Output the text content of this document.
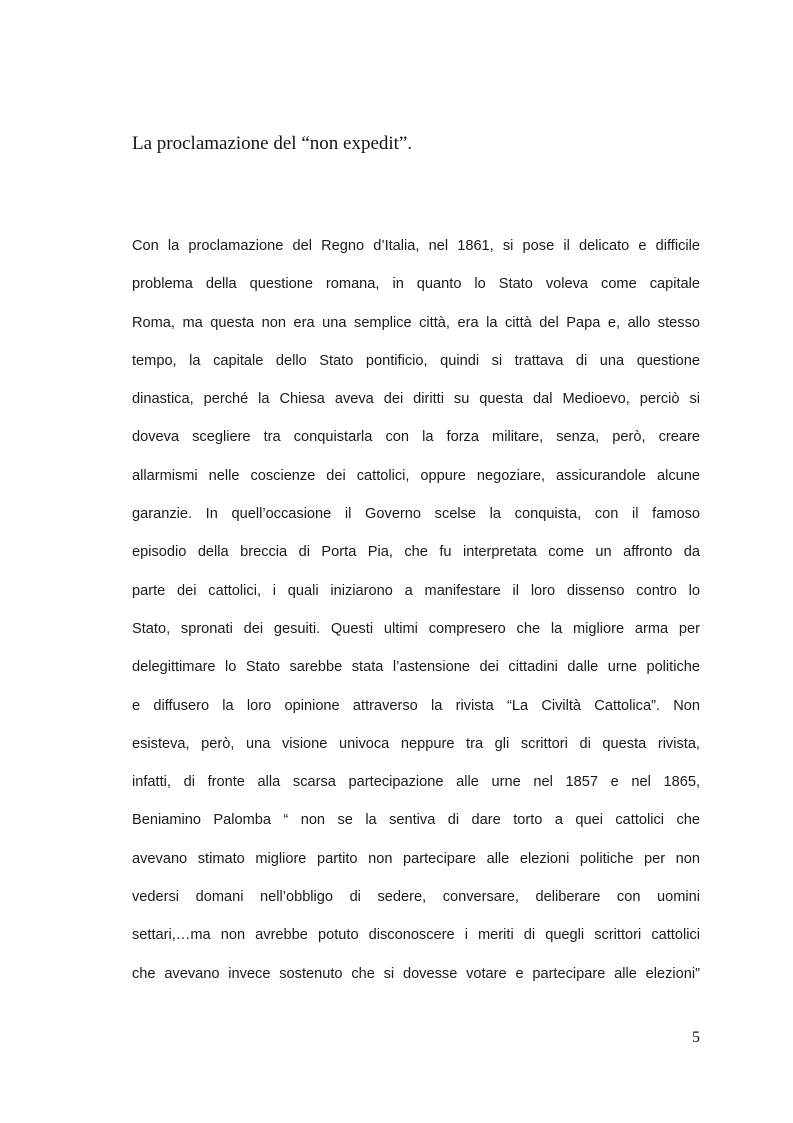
La proclamazione del “non expedit”.
Con la proclamazione del Regno d’Italia, nel 1861, si pose il delicato e difficile
problema della questione romana, in quanto lo Stato voleva come capitale
Roma, ma questa non era una semplice città, era la città del Papa e, allo stesso
tempo, la capitale dello Stato pontificio, quindi si trattava di una questione
dinastica, perché la Chiesa aveva dei diritti su questa dal Medioevo, perciò si
doveva scegliere tra conquistarla con la forza militare, senza, però, creare
allarmismi nelle coscienze dei cattolici, oppure negoziare, assicurandole alcune
garanzie. In quell’occasione il Governo scelse la conquista, con il famoso
episodio della breccia di Porta Pia, che fu interpretata come un affronto da
parte dei cattolici, i quali iniziarono a manifestare il loro dissenso contro lo
Stato, spronati dei gesuiti. Questi ultimi compresero che la migliore arma per
delegittimare lo Stato sarebbe stata l’astensione dei cittadini dalle urne politiche
e diffusero la loro opinione attraverso la rivista “La Civiltà Cattolica”. Non
esisteva, però, una visione univoca neppure tra gli scrittori di questa rivista,
infatti, di fronte alla scarsa partecipazione alle urne nel 1857 e nel 1865,
Beniamino Palomba “ non se la sentiva di dare torto a quei cattolici che
avevano stimato migliore partito non partecipare alle elezioni politiche per non
vedersi domani nell’obbligo di sedere, conversare, deliberare con uomini
settari,…ma non avrebbe potuto disconoscere i meriti di quegli scrittori cattolici
che avevano invece sostenuto che si dovesse votare e partecipare alle elezioni”
5
